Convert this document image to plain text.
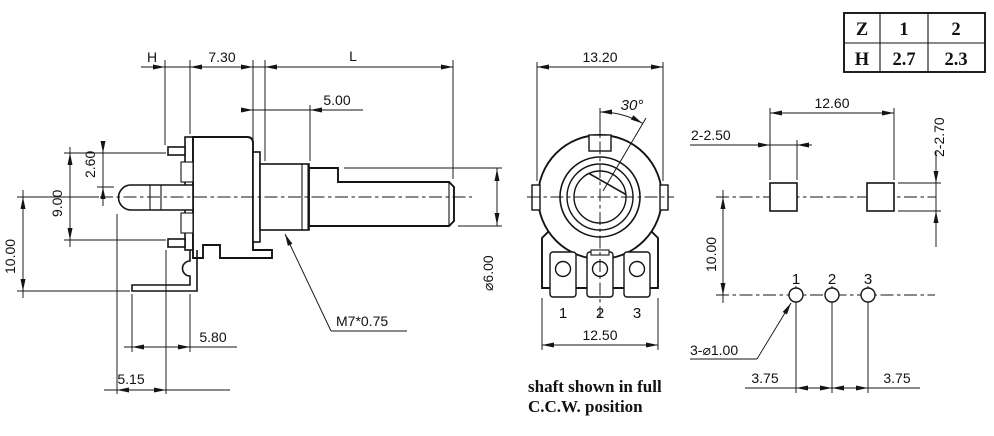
H	7.30	L
5.00
2.60
9.00
10.00
5.80
5.15
⌀6.00
M7*0.75
30°
13.20
12.50
1 2 3
shaft shown in full
C.C.W. position
1 2 3
12.60
2-2.50	2-2.70
10.00
3-⌀1.00
3.75	3.75
Z 1 2
H 2.7 2.3
